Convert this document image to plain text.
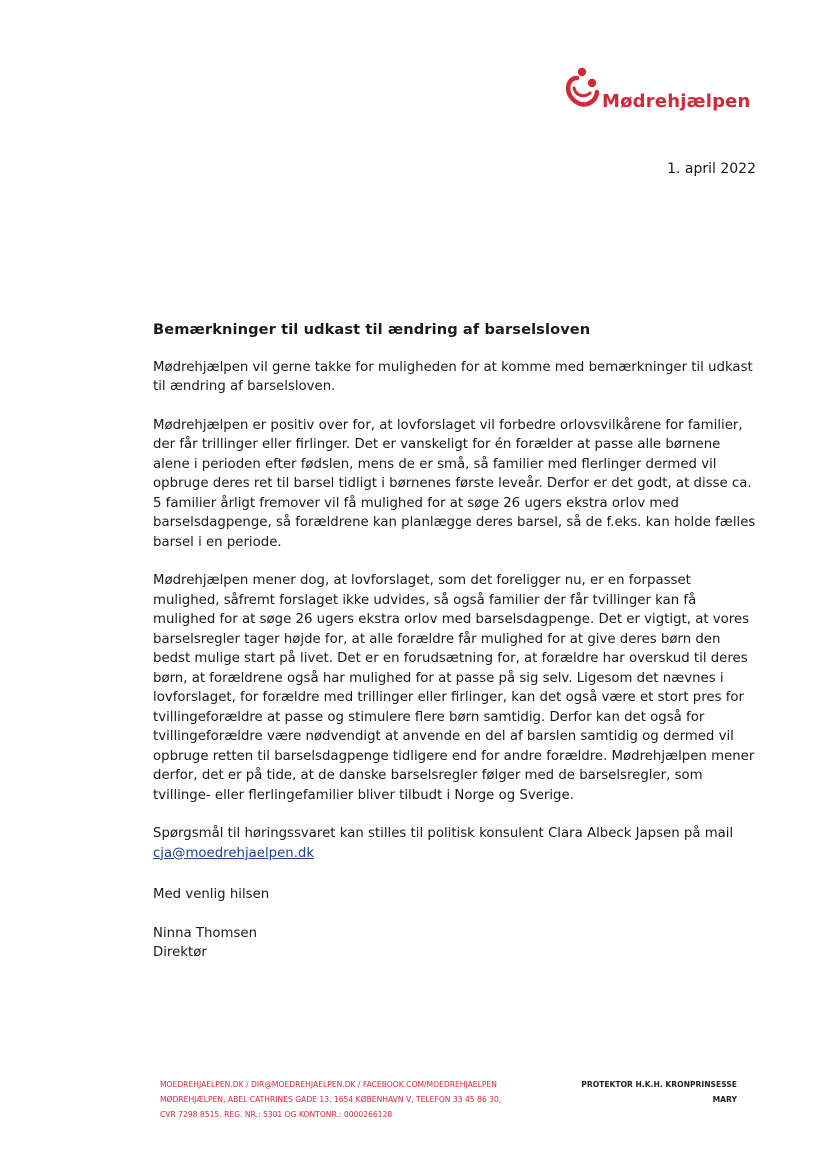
Mødrehjælpen
1. april 2022
Bemærkninger til udkast til ændring af barselsloven

Mødrehjælpen vil gerne takke for muligheden for at komme med bemærkninger til udkast til ændring af barselsloven.

Mødrehjælpen er positiv over for, at lovforslaget vil forbedre orlovsvilkårene for familier, der får trillinger eller firlinger. Det er vanskeligt for én forælder at passe alle børnene alene i perioden efter fødslen, mens de er små, så familier med flerlinger dermed vil opbruge deres ret til barsel tidligt i børnenes første leveår. Derfor er det godt, at disse ca. 5 familier årligt fremover vil få mulighed for at søge 26 ugers ekstra orlov med barselsdagpenge, så forældrene kan planlægge deres barsel, så de f.eks. kan holde fælles barsel i en periode.

Mødrehjælpen mener dog, at lovforslaget, som det foreligger nu, er en forpasset mulighed, såfremt forslaget ikke udvides, så også familier der får tvillinger kan få mulighed for at søge 26 ugers ekstra orlov med barselsdagpenge. Det er vigtigt, at vores barselsregler tager højde for, at alle forældre får mulighed for at give deres børn den bedst mulige start på livet. Det er en forudsætning for, at forældre har overskud til deres børn, at forældrene også har mulighed for at passe på sig selv. Ligesom det nævnes i lovforslaget, for forældre med trillinger eller firlinger, kan det også være et stort pres for tvillingeforældre at passe og stimulere flere børn samtidig. Derfor kan det også for tvillingeforældre være nødvendigt at anvende en del af barslen samtidig og dermed vil opbruge retten til barselsdagpenge tidligere end for andre forældre. Mødrehjælpen mener derfor, det er på tide, at de danske barselsregler følger med de barselsregler, som tvillinge- eller flerlingefamilier bliver tilbudt i Norge og Sverige.

Spørgsmål til høringssvaret kan stilles til politisk konsulent Clara Albeck Japsen på mail
cja@moedrehjaelpen.dk

Med venlig hilsen

Ninna Thomsen
Direktør

MOEDREHJAELPEN.DK / DIR@MOEDREHJAELPEN.DK / FACEBOOK.COM/MOEDREHJAELPEN
MØDREHJÆLPEN, ABEL CATHRINES GADE 13, 1654 KØBENHAVN V, TELEFON 33 45 86 30,
CVR 7298 8515. REG. NR.: 5301 OG KONTONR.: 0000266128
PROTEKTOR H.K.H. KRONPRINSESSE
MARY
